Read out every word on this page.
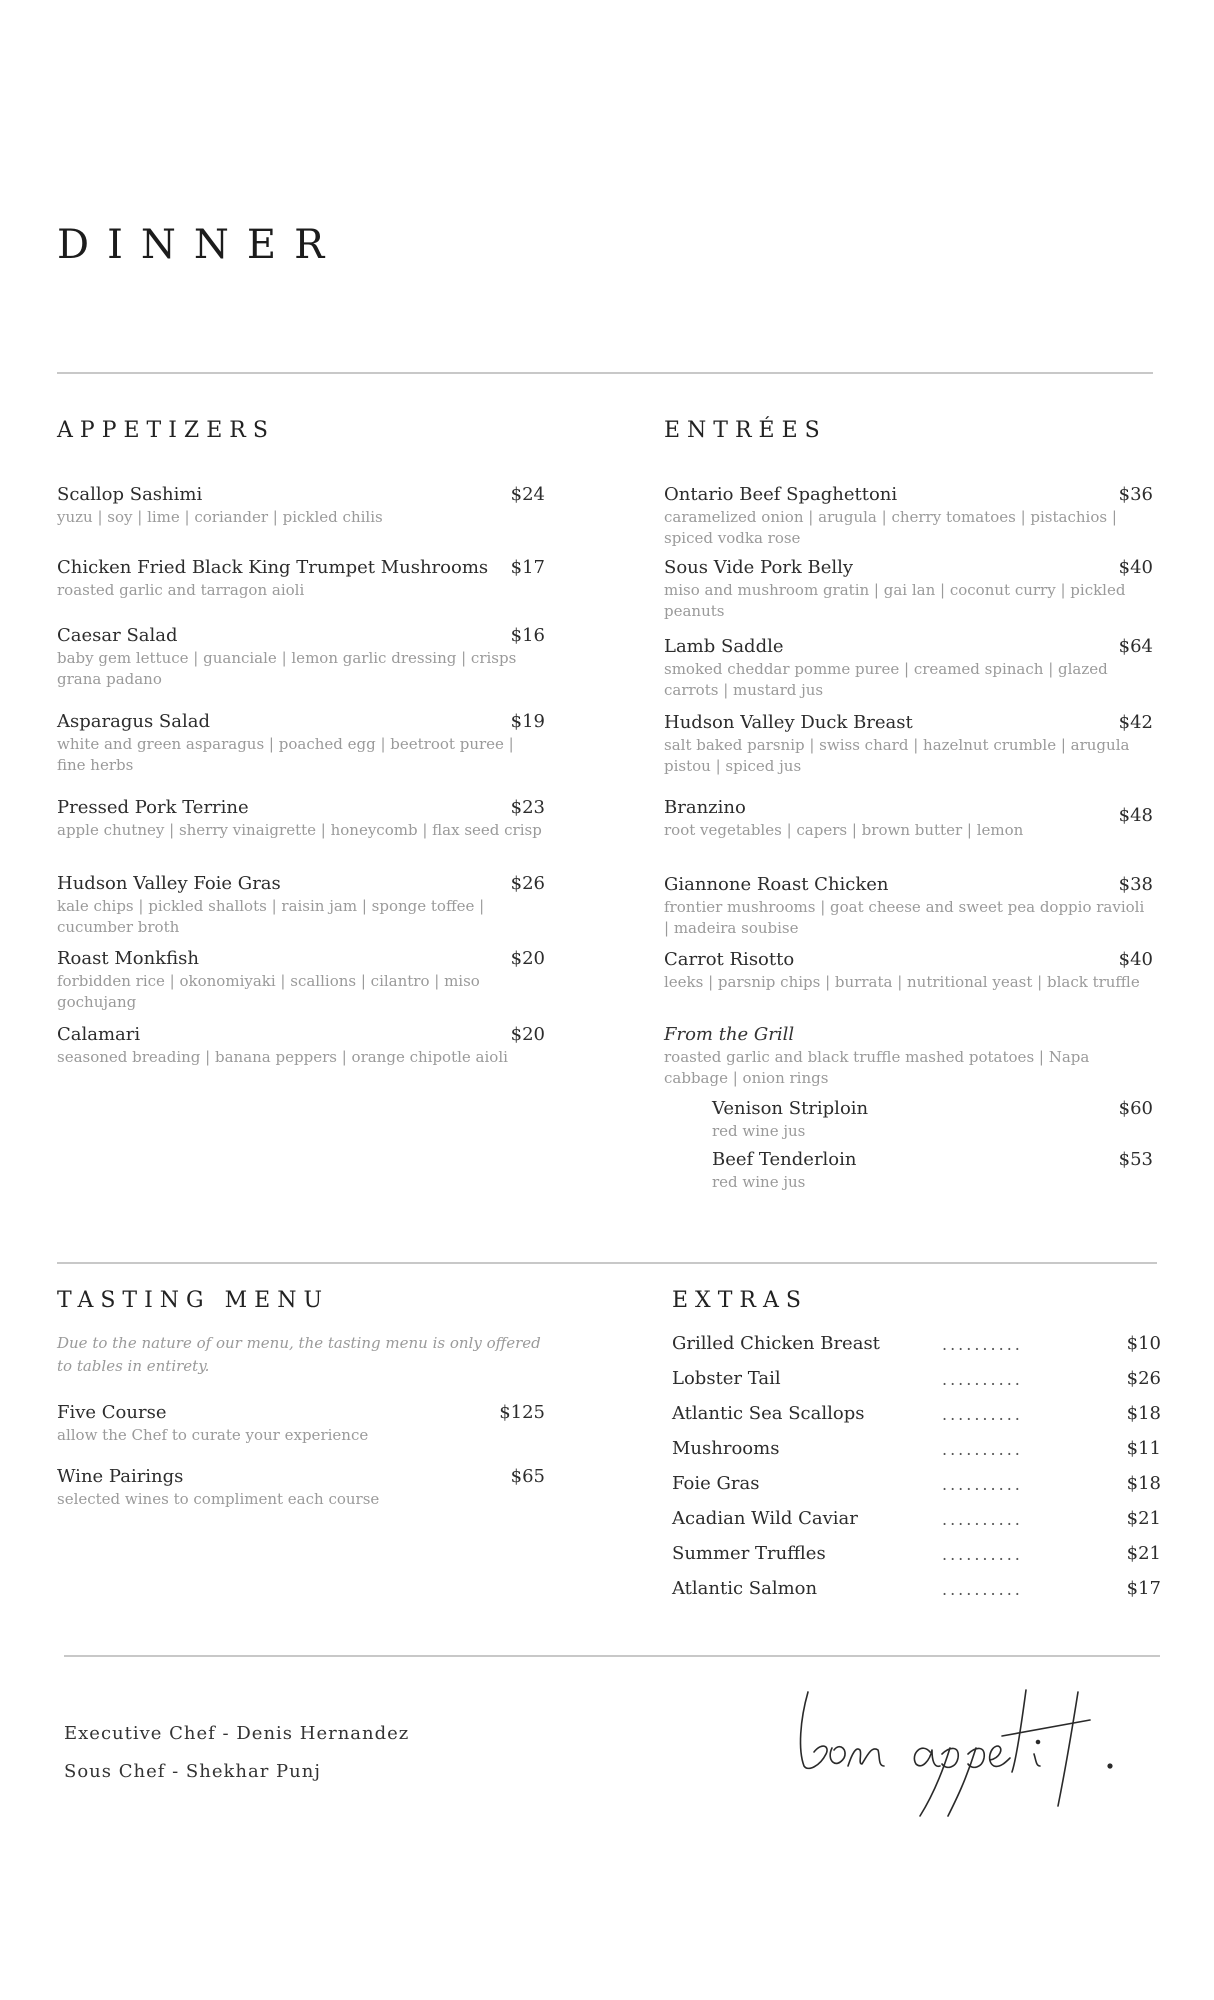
DINNER
APPETIZERS
Scallop Sashimi	$24
yuzu | soy | lime | coriander | pickled chilis
Chicken Fried Black King Trumpet Mushrooms	$17
roasted garlic and tarragon aioli
Caesar Salad	$16
baby gem lettuce | guanciale | lemon garlic dressing | crisps grana padano
Asparagus Salad	$19
white and green asparagus | poached egg | beetroot puree | fine herbs
Pressed Pork Terrine	$23
apple chutney | sherry vinaigrette | honeycomb | flax seed crisp
Hudson Valley Foie Gras	$26
kale chips | pickled shallots | raisin jam | sponge toffee | cucumber broth
Roast Monkfish	$20
forbidden rice | okonomiyaki | scallions | cilantro | miso gochujang
Calamari	$20
seasoned breading | banana peppers | orange chipotle aioli
ENTRÉES
Ontario Beef Spaghettoni	$36
caramelized onion | arugula | cherry tomatoes | pistachios | spiced vodka rose
Sous Vide Pork Belly	$40
miso and mushroom gratin | gai lan | coconut curry | pickled peanuts
Lamb Saddle	$64
smoked cheddar pomme puree | creamed spinach | glazed carrots | mustard jus
Hudson Valley Duck Breast	$42
salt baked parsnip | swiss chard | hazelnut crumble | arugula pistou | spiced jus
Branzino	$48
root vegetables | capers | brown butter | lemon
Giannone Roast Chicken	$38
frontier mushrooms | goat cheese and sweet pea doppio ravioli | madeira soubise
Carrot Risotto	$40
leeks | parsnip chips | burrata | nutritional yeast | black truffle
From the Grill
roasted garlic and black truffle mashed potatoes | Napa cabbage | onion rings
Venison Striploin	$60
red wine jus
Beef Tenderloin	$53
red wine jus
TASTING MENU
Due to the nature of our menu, the tasting menu is only offered to tables in entirety.
Five Course	$125
allow the Chef to curate your experience
Wine Pairings	$65
selected wines to compliment each course
EXTRAS
Grilled Chicken Breast	..........	$10
Lobster Tail	..........	$26
Atlantic Sea Scallops	..........	$18
Mushrooms	..........	$11
Foie Gras	..........	$18
Acadian Wild Caviar	..........	$21
Summer Truffles	..........	$21
Atlantic Salmon	..........	$17
Executive Chef - Denis Hernandez
Sous Chef - Shekhar Punj
